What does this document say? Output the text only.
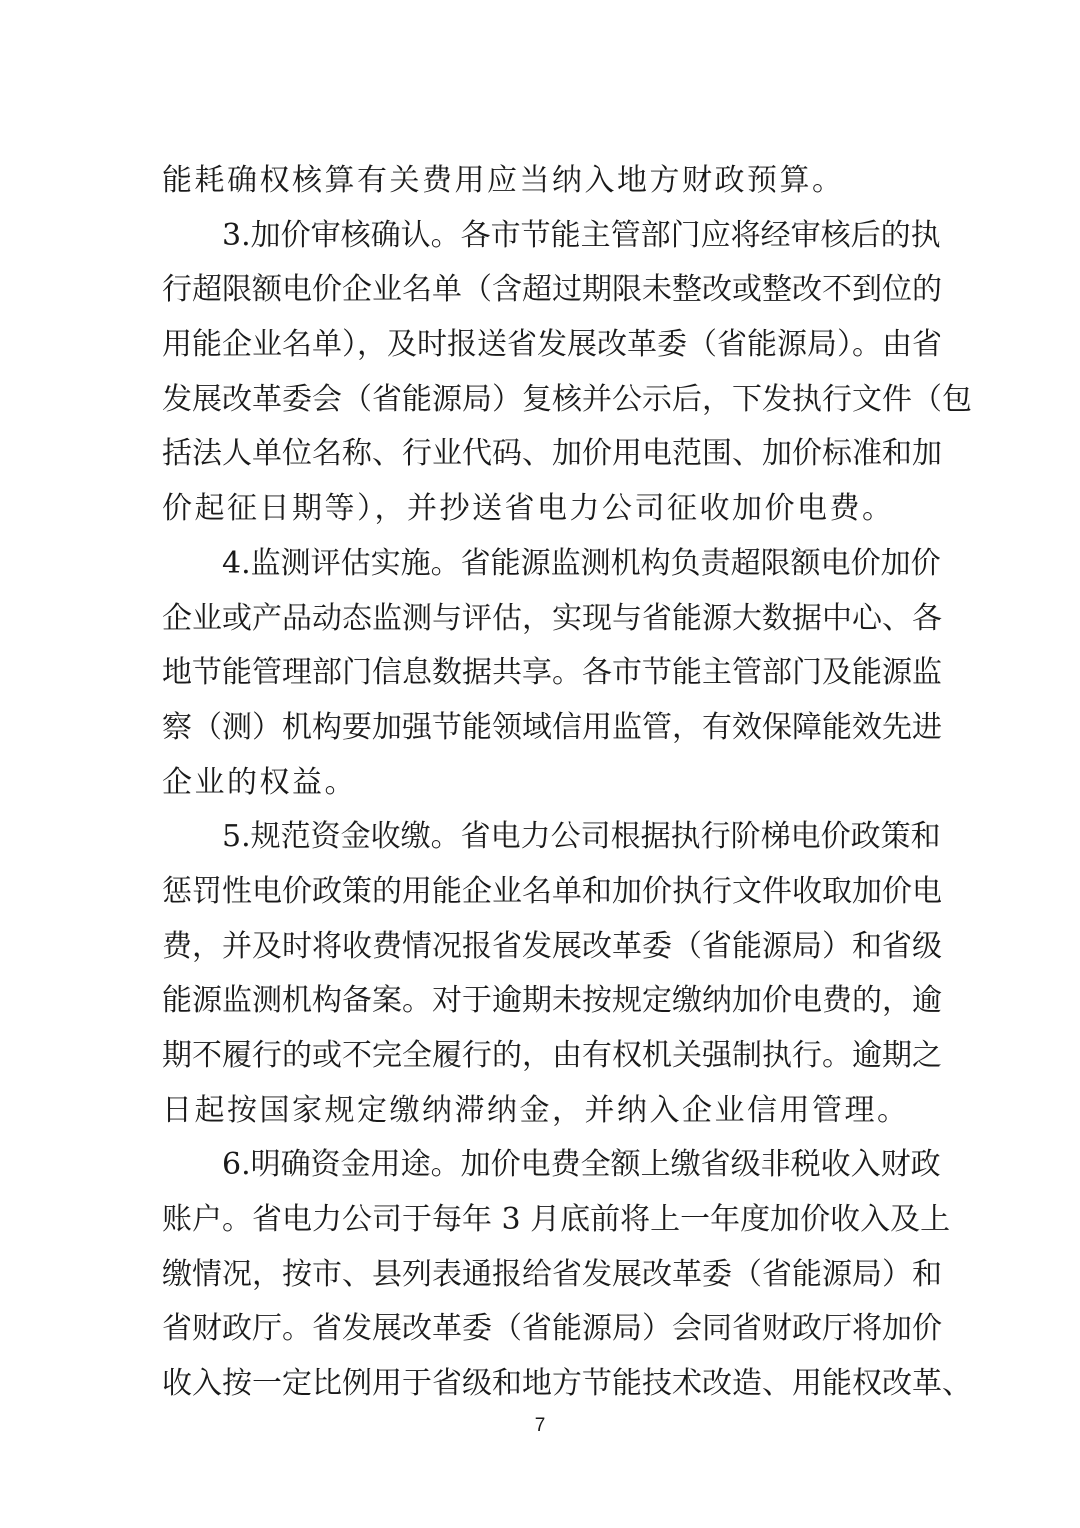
能耗确权核算有关费用应当纳入地方财政预算。
3.加价审核确认。各市节能主管部门应将经审核后的执
行超限额电价企业名单（含超过期限未整改或整改不到位的
用能企业名单），及时报送省发展改革委（省能源局）。由省
发展改革委会（省能源局）复核并公示后，下发执行文件（包
括法人单位名称、行业代码、加价用电范围、加价标准和加
价起征日期等），并抄送省电力公司征收加价电费。
4.监测评估实施。省能源监测机构负责超限额电价加价
企业或产品动态监测与评估，实现与省能源大数据中心、各
地节能管理部门信息数据共享。各市节能主管部门及能源监
察（测）机构要加强节能领域信用监管，有效保障能效先进
企业的权益。
5.规范资金收缴。省电力公司根据执行阶梯电价政策和
惩罚性电价政策的用能企业名单和加价执行文件收取加价电
费，并及时将收费情况报省发展改革委（省能源局）和省级
能源监测机构备案。对于逾期未按规定缴纳加价电费的，逾
期不履行的或不完全履行的，由有权机关强制执行。逾期之
日起按国家规定缴纳滞纳金，并纳入企业信用管理。
6.明确资金用途。加价电费全额上缴省级非税收入财政
账户。省电力公司于每年 3 月底前将上一年度加价收入及上
缴情况，按市、县列表通报给省发展改革委（省能源局）和
省财政厅。省发展改革委（省能源局）会同省财政厅将加价
收入按一定比例用于省级和地方节能技术改造、用能权改革、
7
